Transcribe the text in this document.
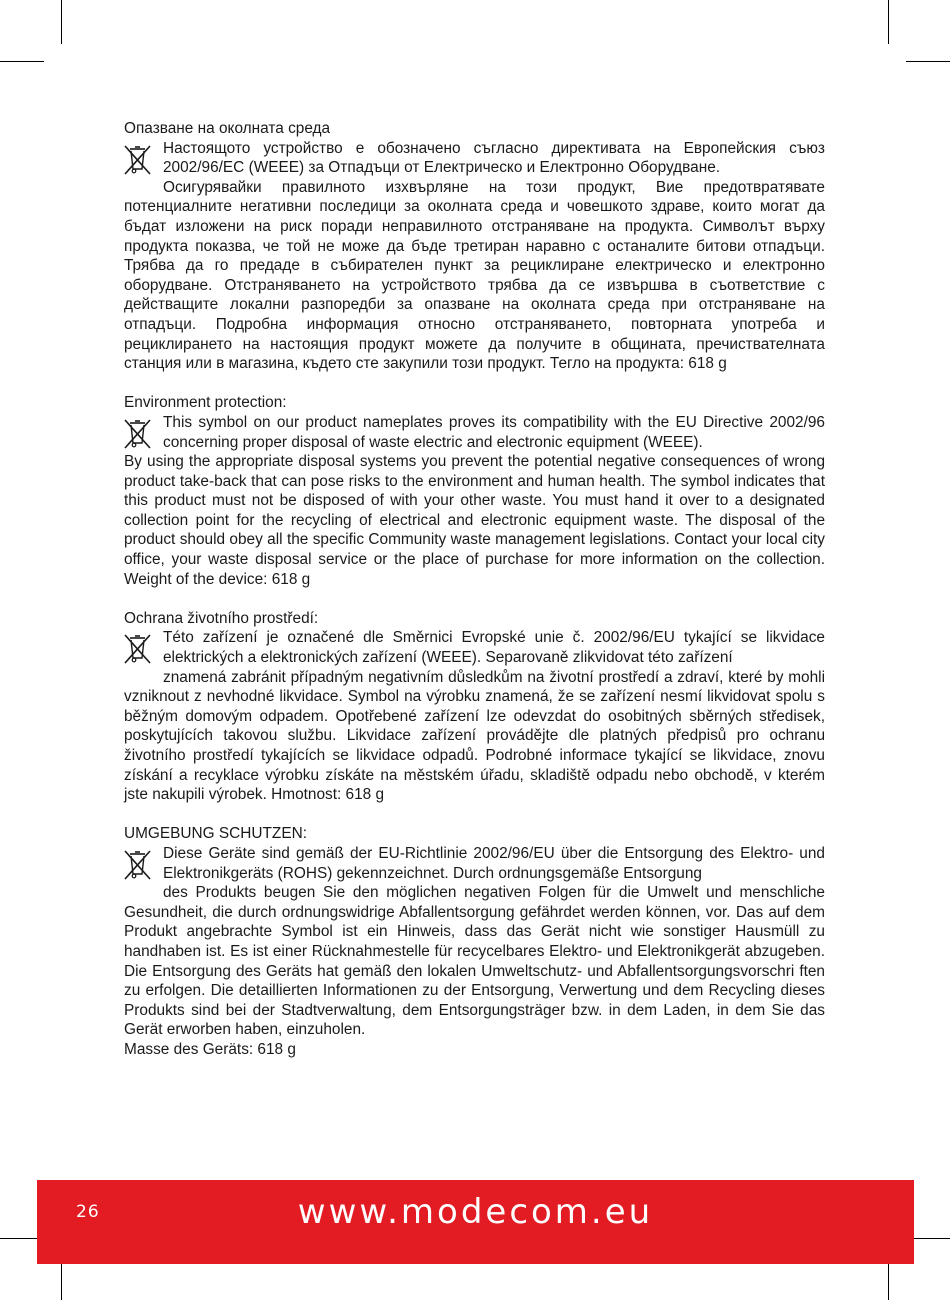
Опазване на околната среда
Настоящото устройство е обозначено съгласно директивата на Европейския съюз 2002/96/EC (WEEE) за Отпадъци от Електрическо и Електронно Оборудване.
Осигурявайки правилното изхвърляне на този продукт, Вие предотвратявате потенциалните негативни последици за околната среда и човешкото здраве, които могат да бъдат изложени на риск поради неправилното отстраняване на продукта. Символът върху продукта показва, че той не може да бъде третиран наравно с останалите битови отпадъци. Трябва да го предаде в събирателен пункт за рециклиране електрическо и електронно оборудване. Отстраняването на устройството трябва да се извършва в съответствие с действащите локални разпоредби за опазване на околната среда при отстраняване на отпадъци. Подробна информация относно отстраняването, повторната употреба и рециклирането на настоящия продукт можете да получите в общината, пречиствателната станция или в магазина, където сте закупили този продукт. Тегло на продукта: 618 g
Environment protection:
This symbol on our product nameplates proves its compatibility with the EU Directive 2002/96 concerning proper disposal of waste electric and electronic equipment (WEEE).
By using the appropriate disposal systems you prevent the potential negative consequences of wrong product take-back that can pose risks to the environment and human health. The symbol indicates that this product must not be disposed of with your other waste. You must hand it over to a designated collection point for the recycling of electrical and electronic equipment waste. The disposal of the product should obey all the specific Community waste management legislations. Contact your local city office, your waste disposal service or the place of purchase for more information on the collection. Weight of the device: 618 g
Ochrana životního prostředí:
Této zařízení je označené dle Směrnici Evropské unie č. 2002/96/EU tykající se likvidace elektrických a elektronických zařízení (WEEE). Separovaně zlikvidovat této zařízení
znamená zabránit případným negativním důsledkům na životní prostředí a zdraví, které by mohli vzniknout z nevhodné likvidace. Symbol na výrobku znamená, že se zařízení nesmí likvidovat spolu s běžným domovým odpadem. Opotřebené zařízení lze odevzdat do osobitných sběrných středisek, poskytujících takovou službu. Likvidace zařízení provádějte dle platných předpisů pro ochranu životního prostředí tykajících se likvidace odpadů. Podrobné informace tykající se likvidace, znovu získání a recyklace výrobku získáte na městském úřadu, skladiště odpadu nebo obchodě, v kterém jste nakupili výrobek. Hmotnost: 618 g
UMGEBUNG SCHUTZEN:
Diese Geräte sind gemäß der EU-Richtlinie 2002/96/EU über die Entsorgung des Elektro- und Elektronikgeräts (ROHS) gekennzeichnet. Durch ordnungsgemäße Entsorgung
des Produkts beugen Sie den möglichen negativen Folgen für die Umwelt und menschliche Gesundheit, die durch ordnungswidrige Abfallentsorgung gefährdet werden können, vor. Das auf dem Produkt angebrachte Symbol ist ein Hinweis, dass das Gerät nicht wie sonstiger Hausmüll zu handhaben ist. Es ist einer Rücknahmestelle für recycelbares Elektro- und Elektronikgerät abzugeben. Die Entsorgung des Geräts hat gemäß den lokalen Umweltschutz- und Abfallentsorgungsvorschri ften zu erfolgen. Die detaillierten Informationen zu der Entsorgung, Verwertung und dem Recycling dieses Produkts sind bei der Stadtverwaltung, dem Entsorgungsträger bzw. in dem Laden, in dem Sie das Gerät erworben haben, einzuholen.
Masse des Geräts: 618 g
26	www.modecom.eu
